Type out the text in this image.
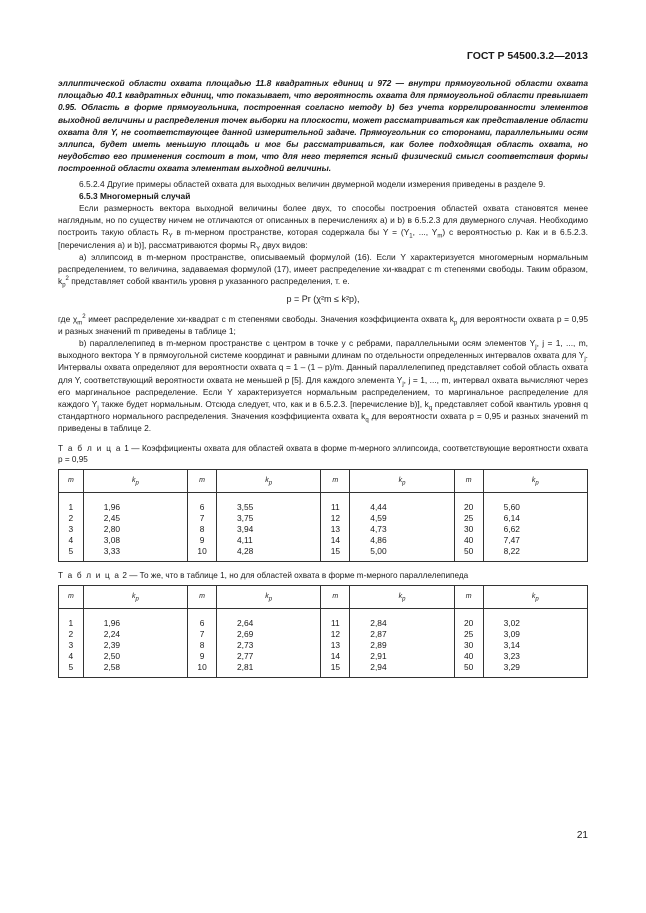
ГОСТ Р 54500.3.2—2013

эллиптической области охвата площадью 11.8 квадратных единиц и 972 — внутри прямоугольной области охвата площадью 40.1 квадратных единиц, что показывает, что вероятность охвата для прямоугольной области превышает 0.95. Область в форме прямоугольника, построенная согласно методу b) без учета коррелированности элементов выходной величины и распределения точек выборки на плоскости, может рассматриваться как представление области охвата для Y, не соответствующее данной измерительной задаче. Прямоугольник со сторонами, параллельными осям эллипса, будет иметь меньшую площадь и мог бы рассматриваться, как более подходящая область охвата, но неудобство его применения состоит в том, что для него теряется ясный физический смысл соответствия формы построенной области охвата элементам выходной величины.

6.5.2.4 Другие примеры областей охвата для выходных величин двумерной модели измерения приведены в разделе 9.

6.5.3 Многомерный случай

Если размерность вектора выходной величины более двух, то способы построения областей охвата становятся менее наглядным, но по существу ничем не отличаются от описанных в перечислениях а) и b) в 6.5.2.3 для двумерного случая. Необходимо построить такую область $R_Y$ в m-мерном пространстве, которая содержала бы $Y = (Y_1$, ..., $Y_m$) с вероятностью p. Как и в 6.5.2.3. [перечисления а) и b)], рассматриваются формы $R_Y$ двух видов:

а) эллипсоид в m-мерном пространстве, описываемый формулой (16). Если Y характеризуется многомерным нормальным распределением, то величина, задаваемая формулой (17), имеет распределение хи-квадрат с m степенями свободы. Таким образом, $k_p^2$ представляет собой квантиль уровня p указанного распределения, т. е.

p = Pr (χ²m ≤ k²p),

где $\chi_m^2$ имеет распределение хи-квадрат с m степенями свободы. Значения коэффициента охвата $k_p$ для вероятности охвата p = 0,95 и разных значений m приведены в таблице 1;

b) параллелепипед в m-мерном пространстве с центром в точке y с ребрами, параллельными осям элементов $Y_j$, j = 1, ..., m, выходного вектора Y в прямоугольной системе координат и равными длинам по отдельности определенных интервалов охвата для $Y_j$. Интервалы охвата определяют для вероятности охвата q = 1 – (1 – p)/m. Данный параллелепипед представляет собой область охвата для Y, соответствующий вероятности охвата не меньшей p [5]. Для каждого элемента $Y_j$, j = 1, ..., m, интервал охвата вычисляют через его маргинальное распределение. Если Y характеризуется нормальным распределением, то маргинальное распределение для каждого $Y_j$ также будет нормальным. Отсюда следует, что, как и в 6.5.2.3. [перечисление b)], $k_q$ представляет собой квантиль уровня q стандартного нормального распределения. Значения коэффициента охвата $k_q$ для вероятности охвата p = 0,95 и разных значений m приведены в таблице 2.

Т а б л и ц а 1 — Коэффициенты охвата для областей охвата в форме m-мерного эллипсоида, соответствующие вероятности охвата p = 0,95

m	$k_p$	m	$k_p$	m	$k_p$	m	$k_p$
1	1,96	6	3,55	11	4,44	20	5,60
2	2,45	7	3,75	12	4,59	25	6,14
3	2,80	8	3,94	13	4,73	30	6,62
4	3,08	9	4,11	14	4,86	40	7,47
5	3,33	10	4,28	15	5,00	50	8,22

Т а б л и ц а 2 — То же, что в таблице 1, но для областей охвата в форме m-мерного параллелепипеда

m	$k_p$	m	$k_p$	m	$k_p$	m	$k_p$
1	1,96	6	2,64	11	2,84	20	3,02
2	2,24	7	2,69	12	2,87	25	3,09
3	2,39	8	2,73	13	2,89	30	3,14
4	2,50	9	2,77	14	2,91	40	3,23
5	2,58	10	2,81	15	2,94	50	3,29
21
